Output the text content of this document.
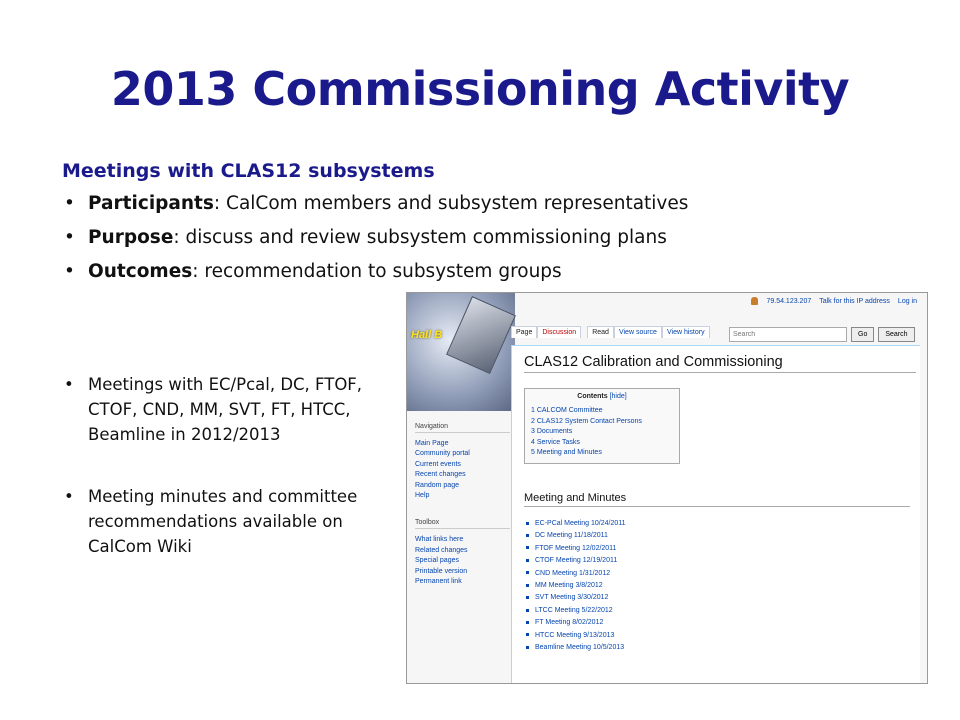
2013 Commissioning Activity
Meetings with CLAS12 subsystems
• Participants: CalCom members and subsystem representatives
• Purpose: discuss and review subsystem commissioning plans
• Outcomes: recommendation to subsystem groups
• Meetings with EC/Pcal, DC, FTOF, CTOF, CND, MM, SVT, FT, HTCC, Beamline in 2012/2013
• Meeting minutes and committee recommendations available on CalCom Wiki
Hall B
79.54.123.207 Talk for this IP address Log in
Page	Discussion	Read	View source	View history
Search	Go	Search
Navigation
Main Page
Community portal
Current events
Recent changes
Random page
Help
Toolbox
What links here
Related changes
Special pages
Printable version
Permanent link
CLAS12 Calibration and Commissioning
Contents [hide]
1 CALCOM Committee
2 CLAS12 System Contact Persons
3 Documents
4 Service Tasks
5 Meeting and Minutes
Meeting and Minutes
EC-PCal Meeting 10/24/2011
DC Meeting 11/18/2011
FTOF Meeting 12/02/2011
CTOF Meeting 12/19/2011
CND Meeting 1/31/2012
MM Meeting 3/8/2012
SVT Meeting 3/30/2012
LTCC Meeting 5/22/2012
FT Meeting 8/02/2012
HTCC Meeting 9/13/2013
Beamline Meeting 10/5/2013
